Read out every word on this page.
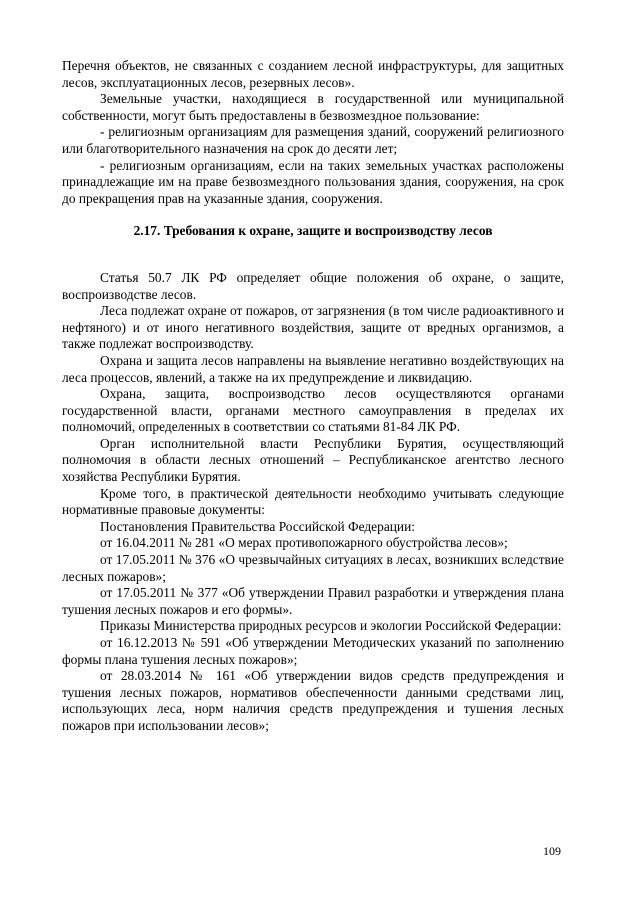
Перечня объектов, не связанных с созданием лесной инфраструктуры, для защитных лесов, эксплуатационных лесов, резервных лесов».

Земельные участки, находящиеся в государственной или муниципальной собственности, могут быть предоставлены в безвозмездное пользование:

- религиозным организациям для размещения зданий, сооружений религиозного или благотворительного назначения на срок до десяти лет;

- религиозным организациям, если на таких земельных участках расположены принадлежащие им на праве безвозмездного пользования здания, сооружения, на срок до прекращения прав на указанные здания, сооружения.

2.17. Требования к охране, защите и воспроизводству лесов

Статья 50.7 ЛК РФ определяет общие положения об охране, о защите, воспроизводстве лесов.

Леса подлежат охране от пожаров, от загрязнения (в том числе радиоактивного и нефтяного) и от иного негативного воздействия, защите от вредных организмов, а также подлежат воспроизводству.

Охрана и защита лесов направлены на выявление негативно воздействующих на леса процессов, явлений, а также на их предупреждение и ликвидацию.

Охрана, защита, воспроизводство лесов осуществляются органами государственной власти, органами местного самоуправления в пределах их полномочий, определенных в соответствии со статьями 81-84 ЛК РФ.

Орган исполнительной власти Республики Бурятия, осуществляющий полномочия в области лесных отношений – Республиканское агентство лесного хозяйства Республики Бурятия.

Кроме того, в практической деятельности необходимо учитывать следующие нормативные правовые документы:

Постановления Правительства Российской Федерации:

от 16.04.2011 № 281 «О мерах противопожарного обустройства лесов»;

от 17.05.2011 № 376 «О чрезвычайных ситуациях в лесах, возникших вследствие лесных пожаров»;

от 17.05.2011 № 377 «Об утверждении Правил разработки и утверждения плана тушения лесных пожаров и его формы».

Приказы Министерства природных ресурсов и экологии Российской Федерации:

от 16.12.2013 № 591 «Об утверждении Методических указаний по заполнению формы плана тушения лесных пожаров»;

от 28.03.2014 № 161 «Об утверждении видов средств предупреждения и тушения лесных пожаров, нормативов обеспеченности данными средствами лиц, использующих леса, норм наличия средств предупреждения и тушения лесных пожаров при использовании лесов»;

109
